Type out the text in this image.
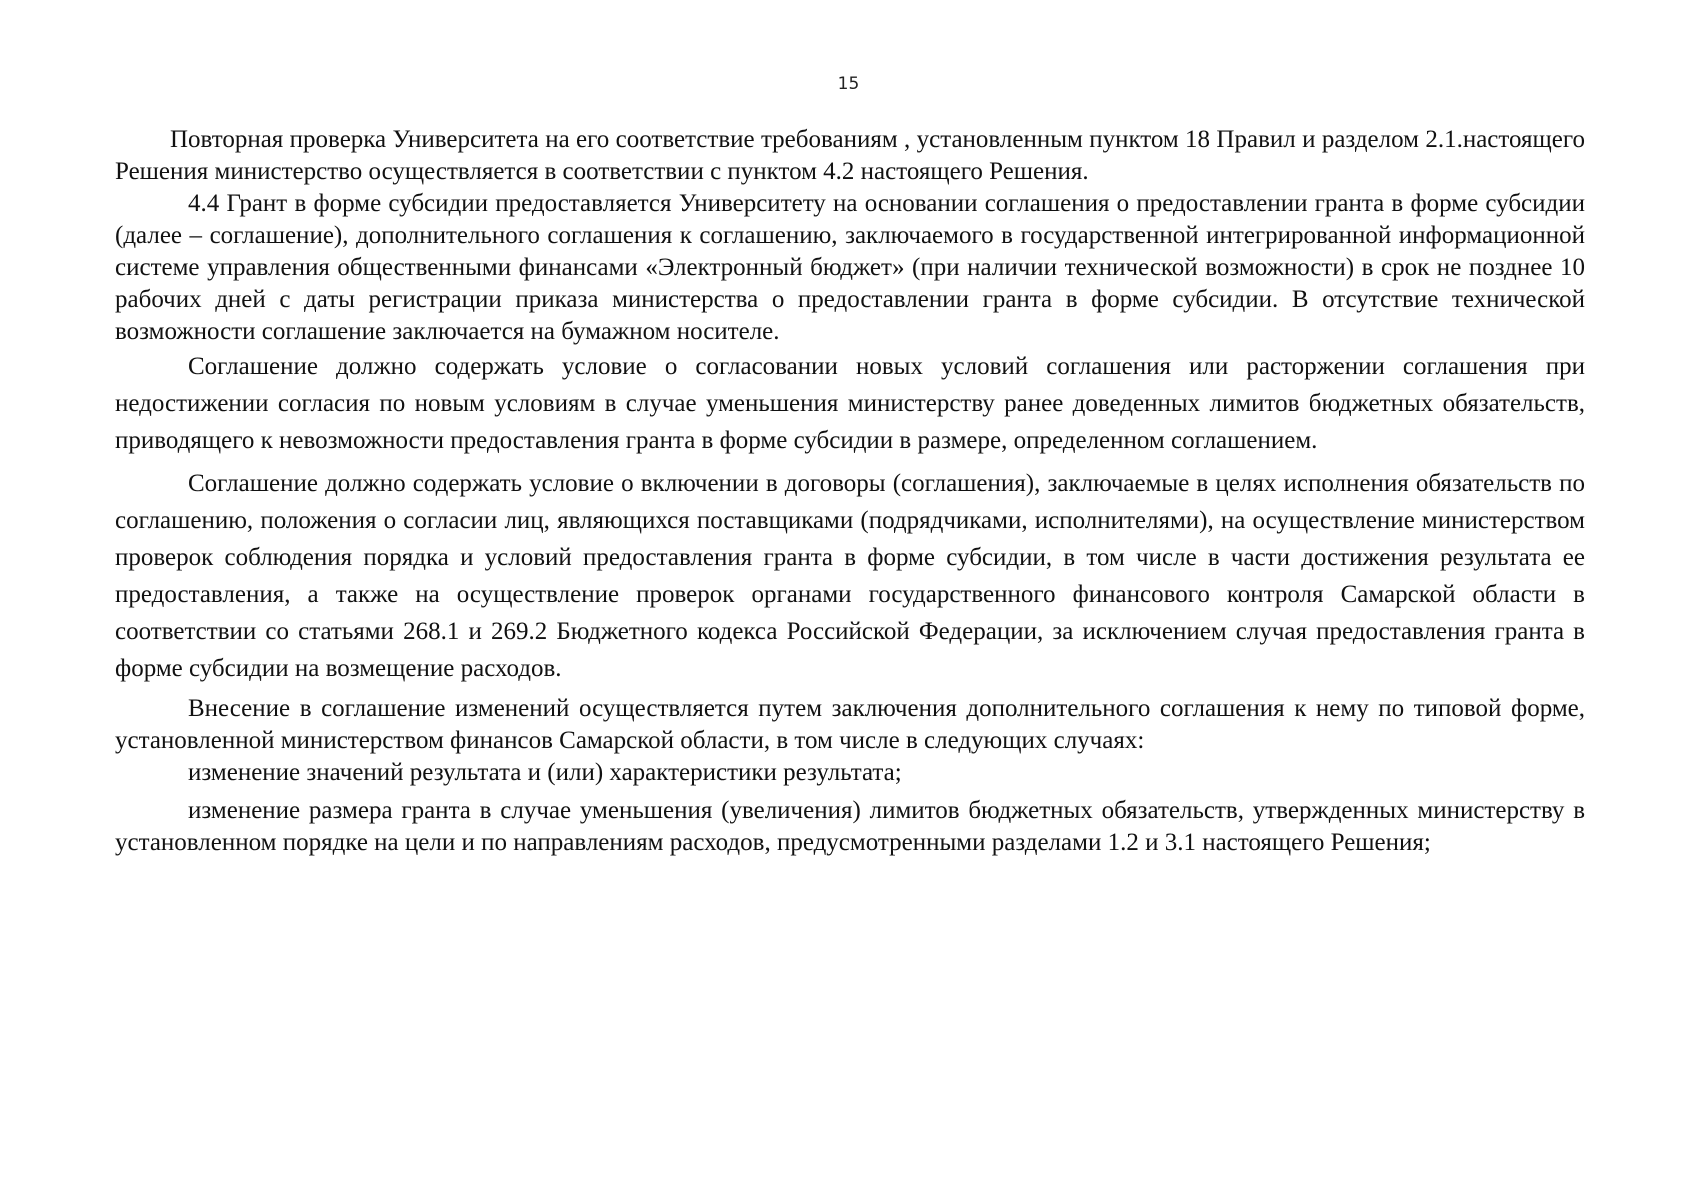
15

Повторная проверка Университета на его соответствие требованиям , установленным пунктом 18 Правил и разделом 2.1.настоящего Решения министерство осуществляется в соответствии с пунктом 4.2 настоящего Решения.

4.4 Грант в форме субсидии предоставляется Университету на основании соглашения о предоставлении гранта в форме субсидии (далее – соглашение), дополнительного соглашения к соглашению, заключаемого в государственной интегрированной информационной системе управления общественными финансами «Электронный бюджет» (при наличии технической возможности) в срок не позднее 10 рабочих дней с даты регистрации приказа министерства о предоставлении гранта в форме субсидии. В отсутствие технической возможности соглашение заключается на бумажном носителе.

Соглашение должно содержать условие о согласовании новых условий соглашения или расторжении соглашения при недостижении согласия по новым условиям в случае уменьшения министерству ранее доведенных лимитов бюджетных обязательств, приводящего к невозможности предоставления гранта в форме субсидии в размере, определенном соглашением.

Соглашение должно содержать условие о включении в договоры (соглашения), заключаемые в целях исполнения обязательств по соглашению, положения о согласии лиц, являющихся поставщиками (подрядчиками, исполнителями), на осуществление министерством проверок соблюдения порядка и условий предоставления гранта в форме субсидии, в том числе в части достижения результата ее предоставления, а также на осуществление проверок органами государственного финансового контроля Самарской области в соответствии со статьями 268.1 и 269.2 Бюджетного кодекса Российской Федерации, за исключением случая предоставления гранта в форме субсидии на возмещение расходов.

Внесение в соглашение изменений осуществляется путем заключения дополнительного соглашения к нему по типовой форме, установленной министерством финансов Самарской области, в том числе в следующих случаях:

изменение значений результата и (или) характеристики результата;

изменение размера гранта в случае уменьшения (увеличения) лимитов бюджетных обязательств, утвержденных министерству в установленном порядке на цели и по направлениям расходов, предусмотренными разделами 1.2 и 3.1 настоящего Решения;
